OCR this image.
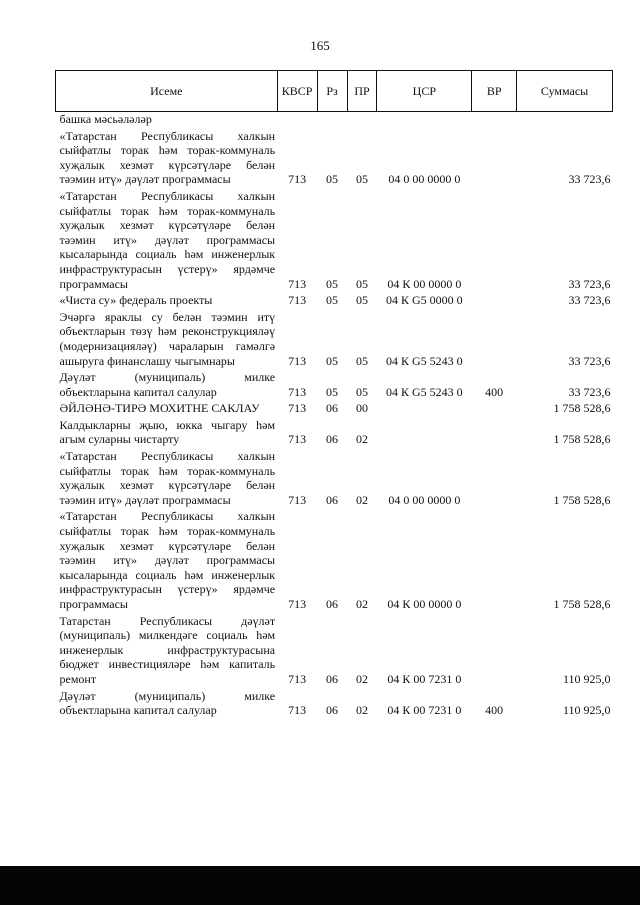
165
Исеме	КВСР	Рз	ПР	ЦСР	ВР	Суммасы
башка мәсьәләләр						
«Татарстан Республикасы халкын сыйфатлы торак һәм торак-коммуналь хуҗалык хезмәт күрсәтүләре белән тәэмин итү» дәүләт программасы	713	05	05	04 0 00 0000 0		33 723,6
«Татарстан Республикасы халкын сыйфатлы торак һәм торак-коммуналь хуҗалык хезмәт күрсәтүләре белән тәэмин итү» дәүләт программасы кысаларында социаль һәм инженерлык инфраструктурасын үстерү» ярдәмче программасы	713	05	05	04 К 00 0000 0		33 723,6
«Чиста су» федераль проекты	713	05	05	04 К G5 0000 0		33 723,6
Эчәргә яраклы су белән тәэмин итү объектларын төзү һәм реконструкцияләү (модернизацияләү) чараларын гамәлгә ашыруга финанслашу чыгымнары	713	05	05	04 К G5 5243 0		33 723,6
Дәүләт (муниципаль) милке объектларына капитал салулар	713	05	05	04 К G5 5243 0	400	33 723,6
ӘЙЛӘНӘ-ТИРӘ МОХИТНЕ САКЛАУ	713	06	00			1 758 528,6
Калдыкларны җыю, юкка чыгару һәм агым суларны чистарту	713	06	02			1 758 528,6
«Татарстан Республикасы халкын сыйфатлы торак һәм торак-коммуналь хуҗалык хезмәт күрсәтүләре белән тәэмин итү» дәүләт программасы	713	06	02	04 0 00 0000 0		1 758 528,6
«Татарстан Республикасы халкын сыйфатлы торак һәм торак-коммуналь хуҗалык хезмәт күрсәтүләре белән тәэмин итү» дәүләт программасы кысаларында социаль һәм инженерлык инфраструктурасын үстерү» ярдәмче программасы	713	06	02	04 К 00 0000 0		1 758 528,6
Татарстан Республикасы дәүләт (муниципаль) милкендәге социаль һәм инженерлык инфраструктурасына бюджет инвестицияләре һәм капиталь ремонт	713	06	02	04 К 00 7231 0		110 925,0
Дәүләт (муниципаль) милке объектларына капитал салулар	713	06	02	04 К 00 7231 0	400	110 925,0
